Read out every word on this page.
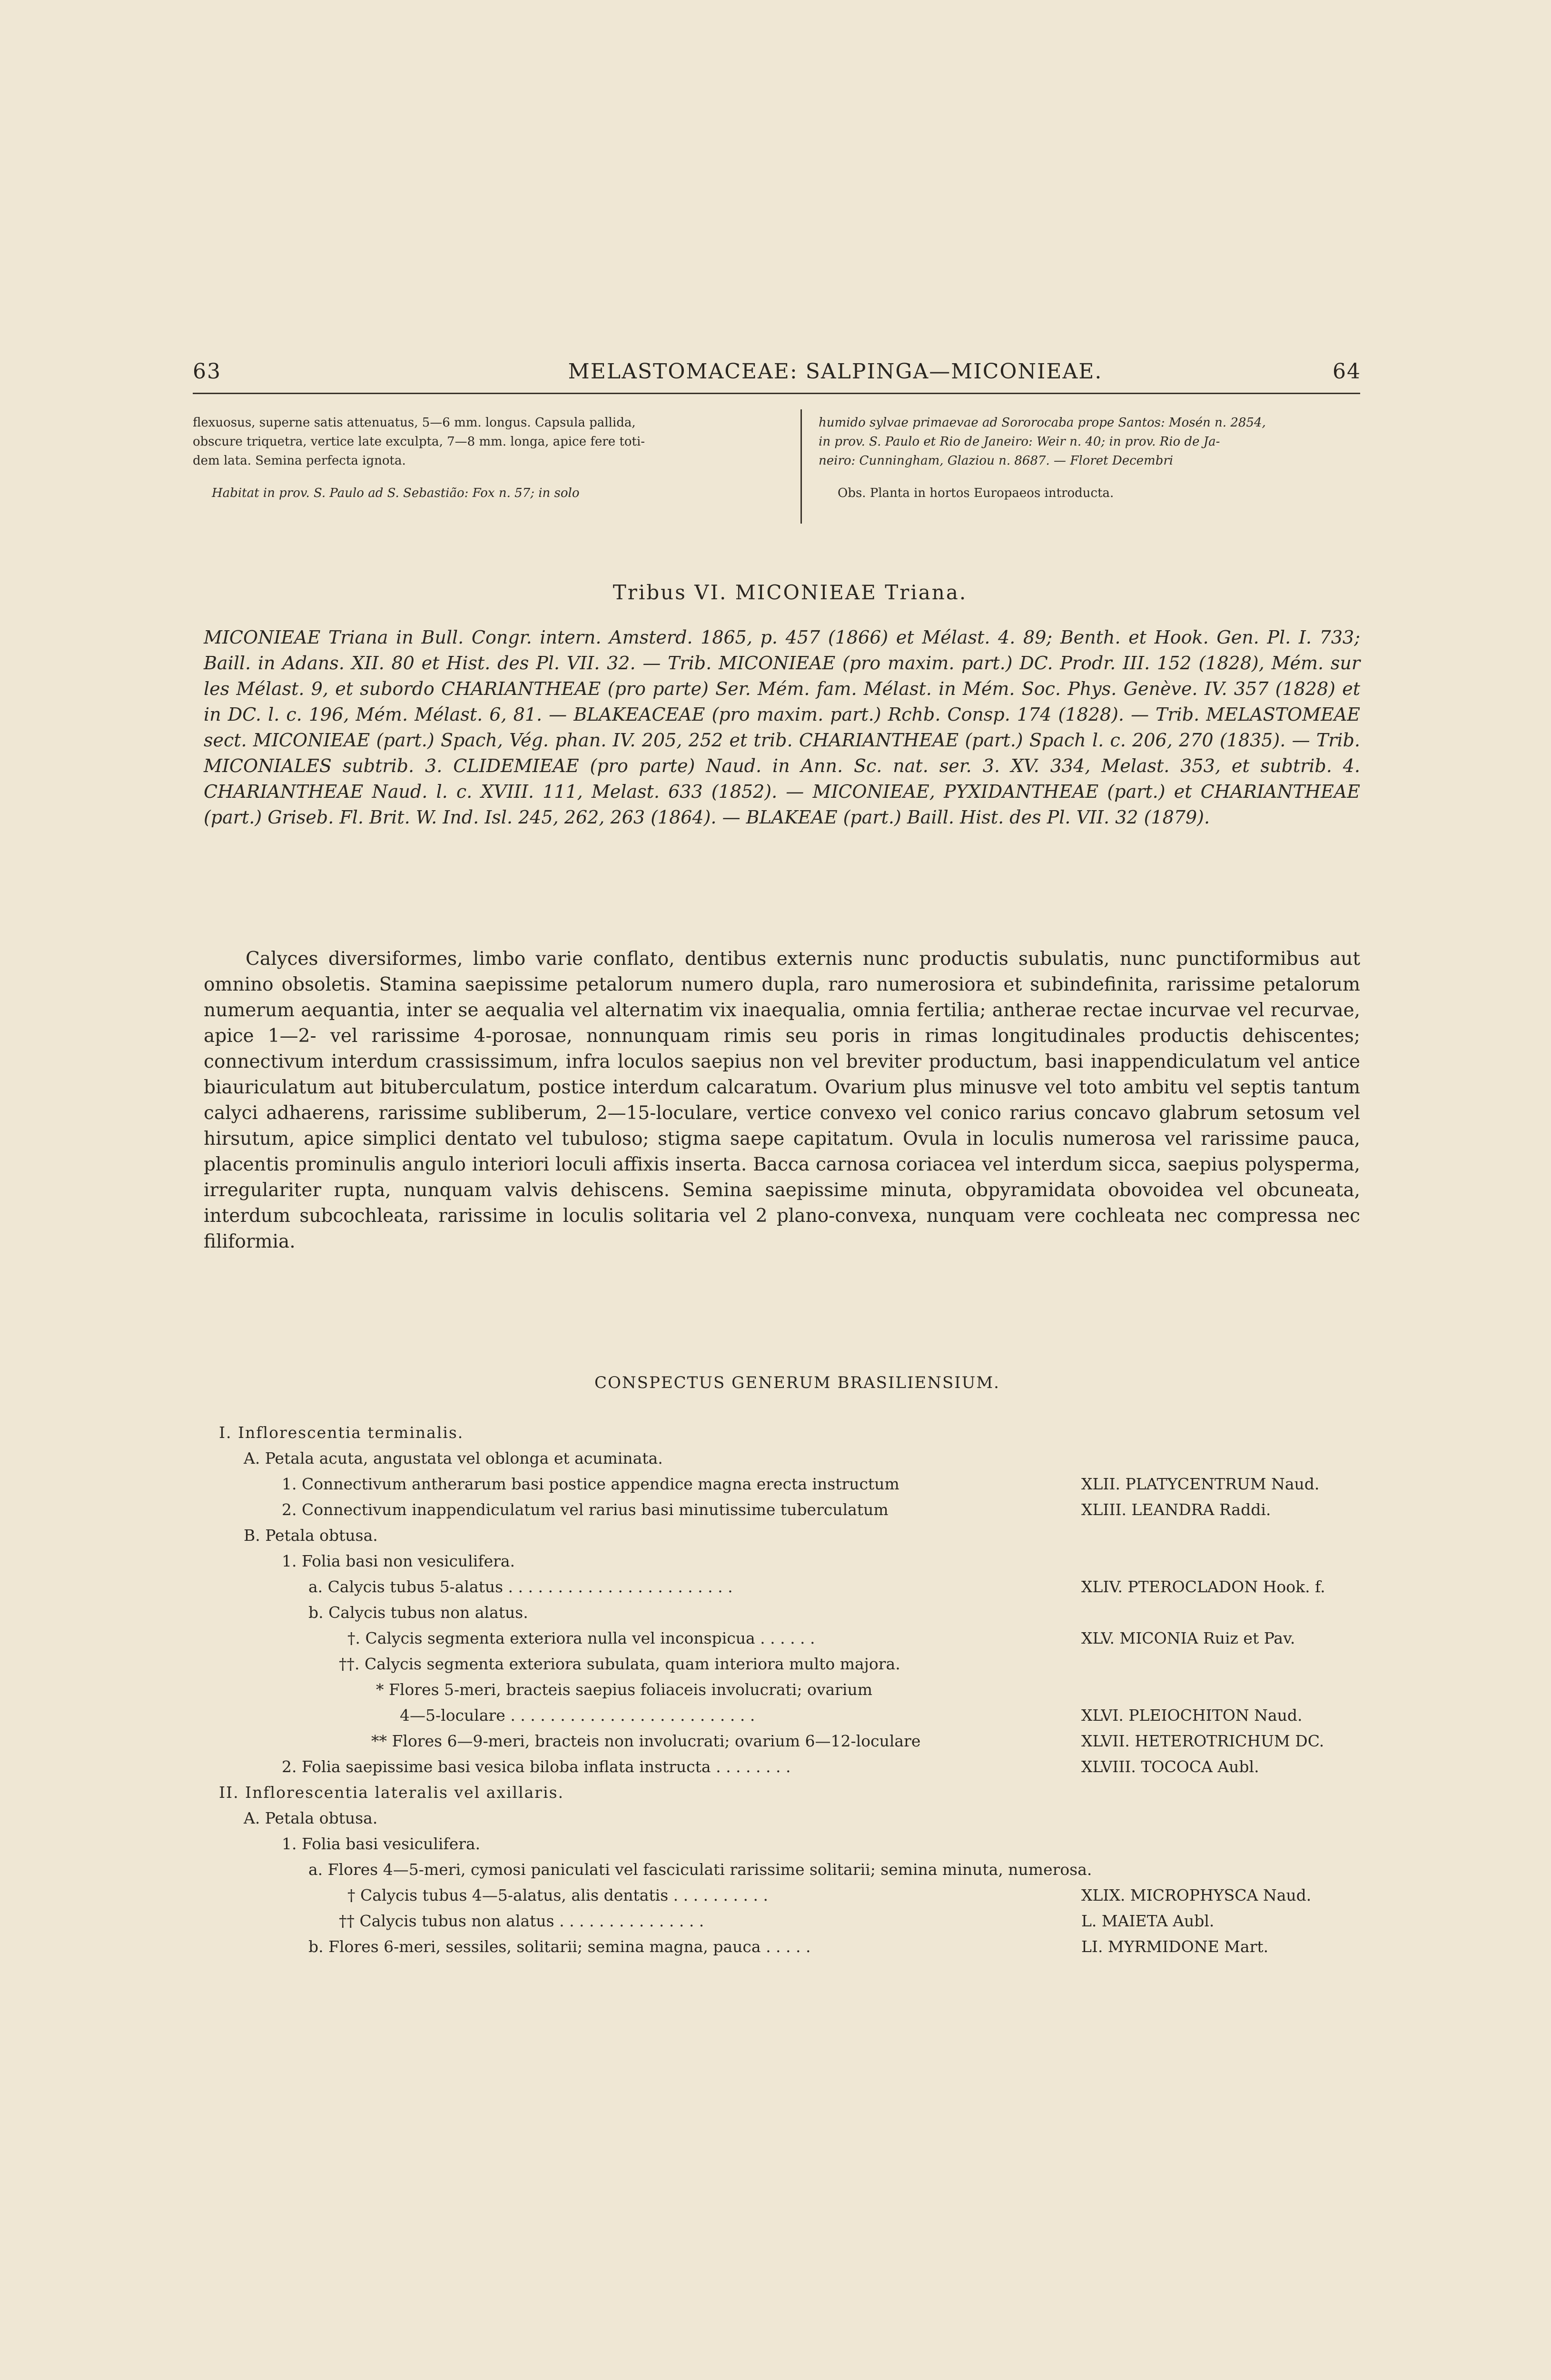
63	MELASTOMACEAE: SALPINGA—MICONIEAE.	64
flexuosus, superne satis attenuatus, 5—6 mm. longus. Capsula pallida,
obscure triquetra, vertice late exculpta, 7—8 mm. longa, apice fere toti-
dem lata. Semina perfecta ignota.
Habitat in prov. S. Paulo ad S. Sebastião: Fox n. 57; in solo
humido sylvae primaevae ad Sororocaba prope Santos: Mosén n. 2854,
in prov. S. Paulo et Rio de Janeiro: Weir n. 40; in prov. Rio de Ja-
neiro: Cunningham, Glaziou n. 8687. — Floret Decembri
Obs. Planta in hortos Europaeos introducta.
Tribus VI. MICONIEAE Triana.
MICONIEAE Triana in Bull. Congr. intern. Amsterd. 1865, p. 457 (1866) et Mélast. 4. 89; Benth. et Hook. Gen. Pl. I. 733; Baill. in Adans. XII. 80 et Hist. des Pl. VII. 32. — Trib. MICONIEAE (pro maxim. part.) DC. Prodr. III. 152 (1828), Mém. sur les Mélast. 9, et subordo CHARIANTHEAE (pro parte) Ser. Mém. fam. Mélast. in Mém. Soc. Phys. Genève. IV. 357 (1828) et in DC. l. c. 196, Mém. Mélast. 6, 81. — BLAKEACEAE (pro maxim. part.) Rchb. Consp. 174 (1828). — Trib. MELASTOMEAE sect. MICONIEAE (part.) Spach, Vég. phan. IV. 205, 252 et trib. CHARIANTHEAE (part.) Spach l. c. 206, 270 (1835). — Trib. MICONIALES subtrib. 3. CLIDEMIEAE (pro parte) Naud. in Ann. Sc. nat. ser. 3. XV. 334, Melast. 353, et subtrib. 4. CHARIANTHEAE Naud. l. c. XVIII. 111, Melast. 633 (1852). — MICONIEAE, PYXIDANTHEAE (part.) et CHARIANTHEAE (part.) Griseb. Fl. Brit. W. Ind. Isl. 245, 262, 263 (1864). — BLAKEAE (part.) Baill. Hist. des Pl. VII. 32 (1879).

Calyces diversiformes, limbo varie conflato, dentibus externis nunc productis subulatis, nunc punctiformibus aut omnino obsoletis. Stamina saepissime petalorum numero dupla, raro numerosiora et subindefinita, rarissime petalorum numerum aequantia, inter se aequalia vel alternatim vix inaequalia, omnia fertilia; antherae rectae incurvae vel recurvae, apice 1—2- vel rarissime 4-porosae, nonnunquam rimis seu poris in rimas longitudinales productis dehiscentes; connectivum interdum crassissimum, infra loculos saepius non vel breviter productum, basi inappendiculatum vel antice biauriculatum aut bituberculatum, postice interdum calcaratum. Ovarium plus minusve vel toto ambitu vel septis tantum calyci adhaerens, rarissime subliberum, 2—15-loculare, vertice convexo vel conico rarius concavo glabrum setosum vel hirsutum, apice simplici dentato vel tubuloso; stigma saepe capitatum. Ovula in loculis numerosa vel rarissime pauca, placentis prominulis angulo interiori loculi affixis inserta. Bacca carnosa coriacea vel interdum sicca, saepius polysperma, irregulariter rupta, nunquam valvis dehiscens. Semina saepissime minuta, obpyramidata obovoidea vel obcuneata, interdum subcochleata, rarissime in loculis solitaria vel 2 plano-convexa, nunquam vere cochleata nec compressa nec filiformia.

CONSPECTUS GENERUM BRASILIENSIUM.
I. Inflorescentia terminalis.
A. Petala acuta, angustata vel oblonga et acuminata.
1. Connectivum antherarum basi postice appendice magna erecta instructum	XLII. PLATYCENTRUM Naud.
2. Connectivum inappendiculatum vel rarius basi minutissime tuberculatum	XLIII. LEANDRA Raddi.
B. Petala obtusa.
1. Folia basi non vesiculifera.
a. Calycis tubus 5-alatus . . . . . . . . . . . . . . . . . . . . . . .	XLIV. PTEROCLADON Hook. f.
b. Calycis tubus non alatus.
†. Calycis segmenta exteriora nulla vel inconspicua . . . . . .	XLV. MICONIA Ruiz et Pav.
††. Calycis segmenta exteriora subulata, quam interiora multo majora.
* Flores 5-meri, bracteis saepius foliaceis involucrati; ovarium
4—5-loculare . . . . . . . . . . . . . . . . . . . . . . . . .	XLVI. PLEIOCHITON Naud.
** Flores 6—9-meri, bracteis non involucrati; ovarium 6—12-loculare	XLVII. HETEROTRICHUM DC.
2. Folia saepissime basi vesica biloba inflata instructa . . . . . . . .	XLVIII. TOCOCA Aubl.
II. Inflorescentia lateralis vel axillaris.
A. Petala obtusa.
1. Folia basi vesiculifera.
a. Flores 4—5-meri, cymosi paniculati vel fasciculati rarissime solitarii; semina minuta, numerosa.
† Calycis tubus 4—5-alatus, alis dentatis . . . . . . . . . .	XLIX. MICROPHYSCA Naud.
†† Calycis tubus non alatus . . . . . . . . . . . . . . .	L. MAIETA Aubl.
b. Flores 6-meri, sessiles, solitarii; semina magna, pauca . . . . .	LI. MYRMIDONE Mart.
